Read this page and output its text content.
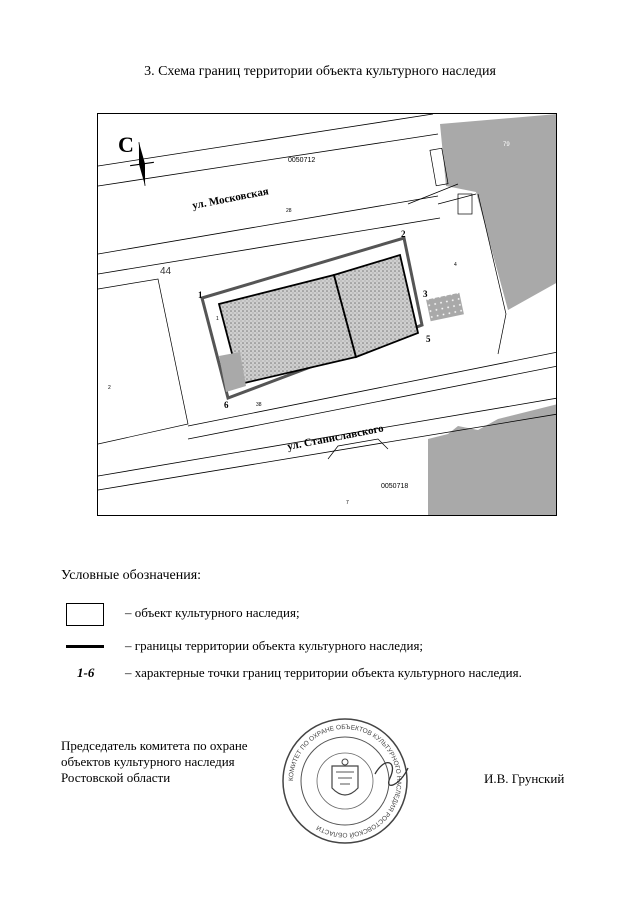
3. Схема границ территории объекта культурного наследия
С
ул. Московская
ул. Станиславского
0050712
0050718
44
1
2
4
7
38
28
79
1
2
3
5
6
Условные обозначения:
– объект культурного наследия;
– границы территории объекта культурного наследия;
1-6 – характерные точки границ территории объекта культурного наследия.
Председатель комитета по охране
объектов культурного наследия
Ростовской области	КОМИТЕТ ПО ОХРАНЕ ОБЪЕКТОВ КУЛЬТУРНОГО НАСЛЕДИЯ РОСТОВСКОЙ ОБЛАСТИ
И.В. Грунский
